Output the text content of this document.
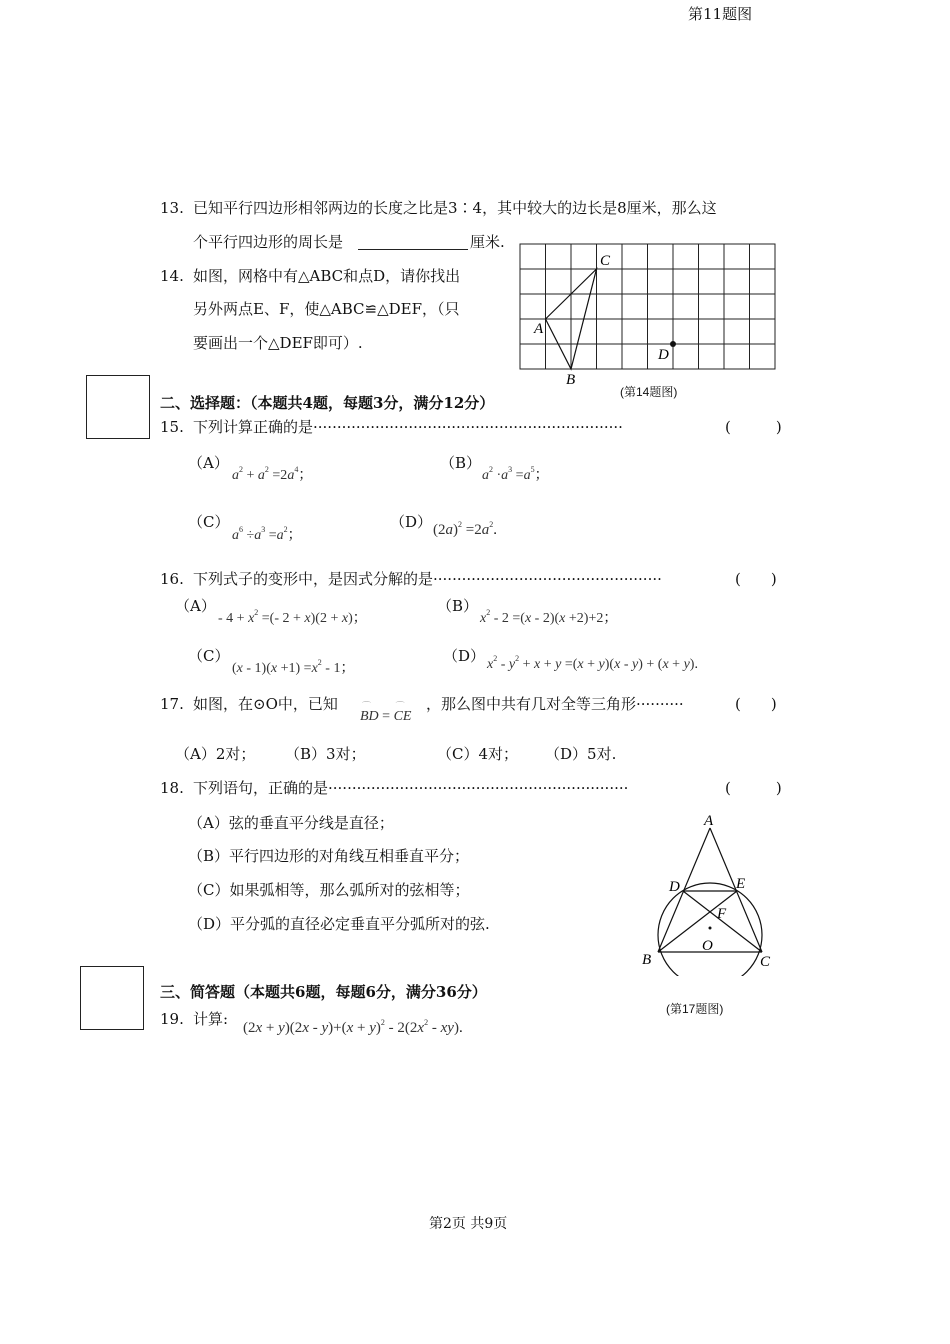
第11题图
13. 已知平行四边形相邻两边的长度之比是3∶4，其中较大的边长是8厘米，那么这
个平行四边形的周长是	厘米.
14. 如图，网格中有△ABC和点D，请你找出
另外两点E、F，使△ABC≌△DEF，（只
要画出一个△DEF即可）.
A
B
C
D
(第14题图)
二、选择题：（本题共4题，每题3分，满分12分）
15. 下列计算正确的是·································································	(　　　)
（A）
$a^2 + a^2 =2a^4$；
（B）
$a^2 \cdot a^3 =a^5$；
（C）
$a^6 \div a^3 =a^2$；
（D） $(2a)^2 =2a^2$.
16. 下列式子的变形中，是因式分解的是················································	(　　)
（A）
- $4 + x^2$ =(- 2 + x)(2 + x)；
（B）
$x^2 - 2 =(x - 2)(x +2)+2$；
（C）
$(x - 1)(x +1) =x^2 - 1$；
（D） $x^2 - y^2 + x + y =(x + y)(x - y) + (x + y)$.
17. 如图，在⊙O中，已知	⌒
BD =
⌒
CE
，那么图中共有几对全等三角形··········	(　　)
（A）2对； （B）3对；	（C）4对； （D）5对.
A
D	E
F
O
B	C
(第17题图)
18. 下列语句，正确的是·······························································	(　　　)
（A）弦的垂直平分线是直径；
（B）平行四边形的对角线互相垂直平分；
（C）如果弧相等，那么弧所对的弦相等；
（D）平分弧的直径必定垂直平分弧所对的弦.
三、简答题（本题共6题，每题6分，满分36分）
19. 计算: $(2x + y)(2x - y)+(x + y)^2 - 2(2x^2 - xy)$.
第2页 共9页
